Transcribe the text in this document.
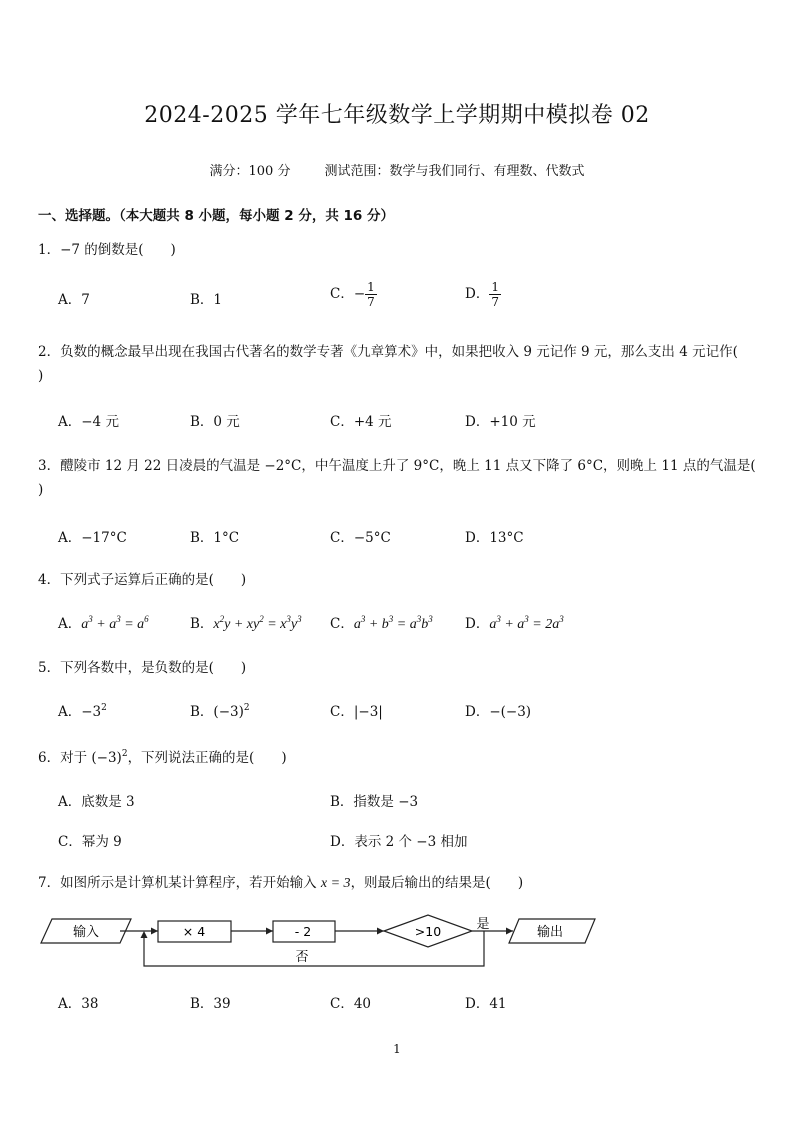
2024-2025 学年七年级数学上学期期中模拟卷 02
满分：100 分	测试范围：数学与我们同行、有理数、代数式
一、选择题。（本大题共 8 小题，每小题 2 分，共 16 分）
1．−7 的倒数是(　　)
A．7	B．1	C．− $\frac{1}{7}$	D． $\frac{1}{7}$
2．负数的概念最早出现在我国古代著名的数学专著《九章算术》中，如果把收入 9 元记作 9 元，那么支出 4 元记作(
)
A．−4 元	B．0 元	C．+4 元	D．+10 元
3．醴陵市 12 月 22 日凌晨的气温是 −2°C，中午温度上升了 9°C，晚上 11 点又下降了 6°C，则晚上 11 点的气温是(
)
A．−17°C	B．1°C	C．−5°C	D．13°C
4．下列式子运算后正确的是(　　)
A．$a^3 + a^3 = a^6$	B．$x^2y + xy^2 = x^3y^3$ C．$a^3 + b^3 = a^3b^3$ D．$a^3 + a^3 = 2a^3$
5．下列各数中，是负数的是(　　)
A．$-3^2$	B．$(-3)^2$	C．|−3|	D．−(−3)
6．对于 $(-3)^2$，下列说法正确的是(　　)
A．底数是 3	B．指数是 −3
C．幂为 9	D．表示 2 个 −3 相加
7．如图所示是计算机某计算程序，若开始输入 x = 3，则最后输出的结果是(　　)
输入	× 4	- 2	>10	是
输出
否
A．38	B．39	C．40	D．41
1
